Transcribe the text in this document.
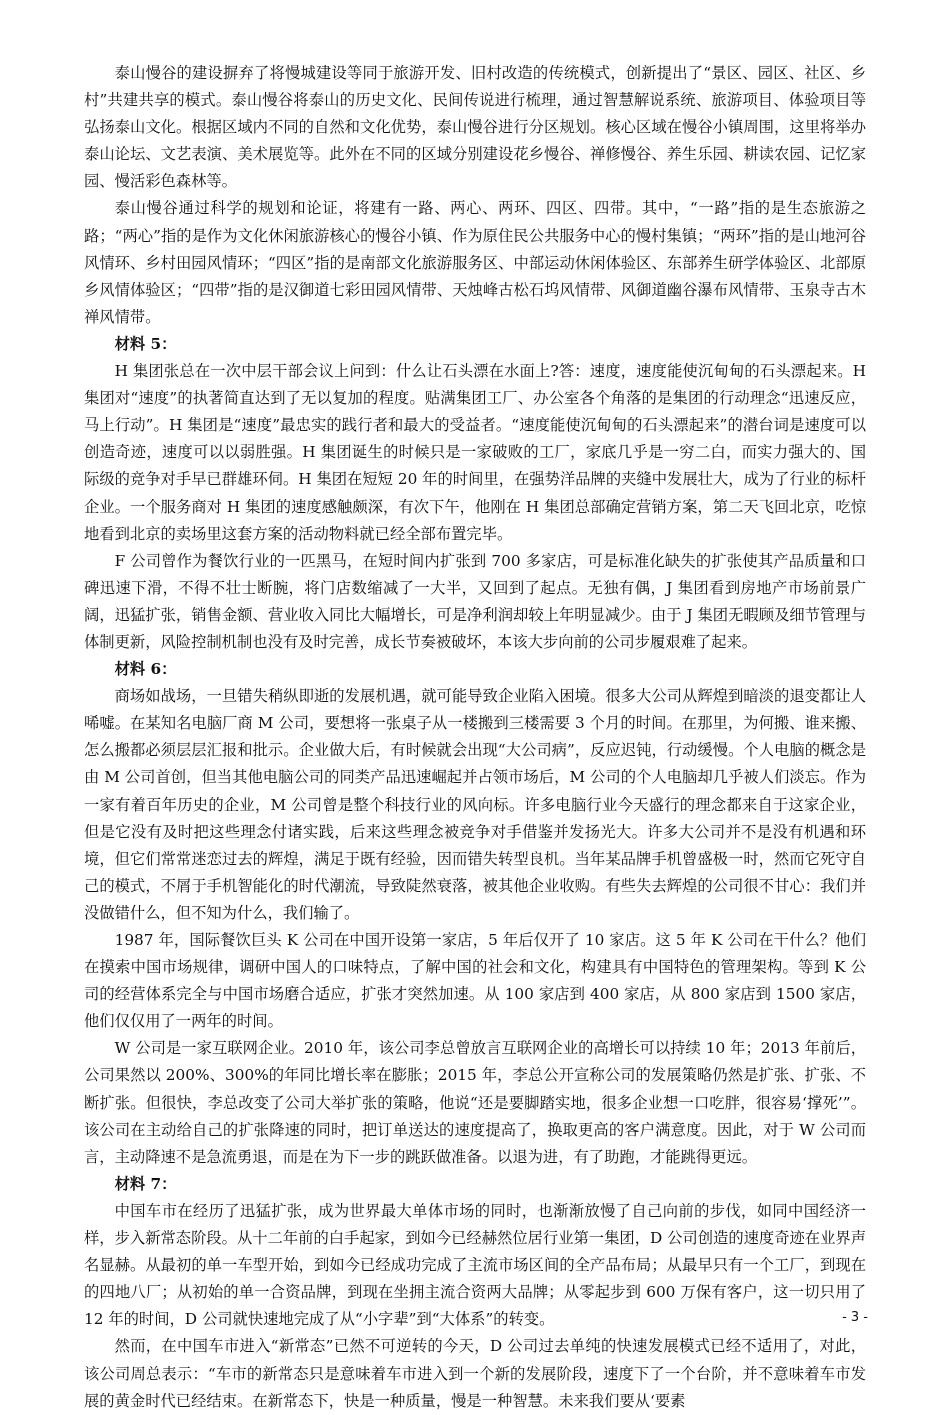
泰山慢谷的建设摒弃了将慢城建设等同于旅游开发、旧村改造的传统模式，创新提出了“景区、园区、社区、乡村”共建共享的模式。泰山慢谷将泰山的历史文化、民间传说进行梳理，通过智慧解说系统、旅游项目、体验项目等弘扬泰山文化。根据区域内不同的自然和文化优势，泰山慢谷进行分区规划。核心区域在慢谷小镇周围，这里将举办泰山论坛、文艺表演、美术展览等。此外在不同的区域分别建设花乡慢谷、禅修慢谷、养生乐园、耕读农园、记忆家园、慢活彩色森林等。

泰山慢谷通过科学的规划和论证，将建有一路、两心、两环、四区、四带。其中，“一路”指的是生态旅游之路；“两心”指的是作为文化休闲旅游核心的慢谷小镇、作为原住民公共服务中心的慢村集镇；“两环”指的是山地河谷风情环、乡村田园风情环；“四区”指的是南部文化旅游服务区、中部运动休闲体验区、东部养生研学体验区、北部原乡风情体验区；“四带”指的是汉御道七彩田园风情带、天烛峰古松石坞风情带、风御道幽谷瀑布风情带、玉泉寺古木禅风情带。

材料 5：

H 集团张总在一次中层干部会议上问到：什么让石头漂在水面上?答：速度，速度能使沉甸甸的石头漂起来。H 集团对“速度”的执著简直达到了无以复加的程度。贴满集团工厂、办公室各个角落的是集团的行动理念“迅速反应，马上行动”。H 集团是“速度”最忠实的践行者和最大的受益者。“速度能使沉甸甸的石头漂起来”的潜台词是速度可以创造奇迹，速度可以以弱胜强。H 集团诞生的时候只是一家破败的工厂，家底几乎是一穷二白，而实力强大的、国际级的竞争对手早已群雄环伺。H 集团在短短 20 年的时间里，在强势洋品牌的夹缝中发展壮大，成为了行业的标杆企业。一个服务商对 H 集团的速度感触颇深，有次下午，他刚在 H 集团总部确定营销方案，第二天飞回北京，吃惊地看到北京的卖场里这套方案的活动物料就已经全部布置完毕。

F 公司曾作为餐饮行业的一匹黑马，在短时间内扩张到 700 多家店，可是标准化缺失的扩张使其产品质量和口碑迅速下滑，不得不壮士断腕，将门店数缩减了一大半，又回到了起点。无独有偶，J 集团看到房地产市场前景广阔，迅猛扩张，销售金额、营业收入同比大幅增长，可是净利润却较上年明显减少。由于 J 集团无暇顾及细节管理与体制更新，风险控制机制也没有及时完善，成长节奏被破坏，本该大步向前的公司步履艰难了起来。

材料 6：

商场如战场，一旦错失稍纵即逝的发展机遇，就可能导致企业陷入困境。很多大公司从辉煌到暗淡的退变都让人唏嘘。在某知名电脑厂商 M 公司，要想将一张桌子从一楼搬到三楼需要 3 个月的时间。在那里，为何搬、谁来搬、怎么搬都必须层层汇报和批示。企业做大后，有时候就会出现“大公司病”，反应迟钝，行动缓慢。个人电脑的概念是由 M 公司首创，但当其他电脑公司的同类产品迅速崛起并占领市场后，M 公司的个人电脑却几乎被人们淡忘。作为一家有着百年历史的企业，M 公司曾是整个科技行业的风向标。许多电脑行业今天盛行的理念都来自于这家企业，但是它没有及时把这些理念付诸实践，后来这些理念被竞争对手借鉴并发扬光大。许多大公司并不是没有机遇和环境，但它们常常迷恋过去的辉煌，满足于既有经验，因而错失转型良机。当年某品牌手机曾盛极一时，然而它死守自己的模式，不屑于手机智能化的时代潮流，导致陡然衰落，被其他企业收购。有些失去辉煌的公司很不甘心：我们并没做错什么，但不知为什么，我们输了。

1987 年，国际餐饮巨头 K 公司在中国开设第一家店，5 年后仅开了 10 家店。这 5 年 K 公司在干什么？他们在摸索中国市场规律，调研中国人的口味特点，了解中国的社会和文化，构建具有中国特色的管理架构。等到 K 公司的经营体系完全与中国市场磨合适应，扩张才突然加速。从 100 家店到 400 家店，从 800 家店到 1500 家店，他们仅仅用了一两年的时间。

W 公司是一家互联网企业。2010 年，该公司李总曾放言互联网企业的高增长可以持续 10 年；2013 年前后，公司果然以 200%、300%的年同比增长率在膨胀；2015 年，李总公开宣称公司的发展策略仍然是扩张、扩张、不断扩张。但很快，李总改变了公司大举扩张的策略，他说“还是要脚踏实地，很多企业想一口吃胖，很容易‘撑死’”。该公司在主动给自己的扩张降速的同时，把订单送达的速度提高了，换取更高的客户满意度。因此，对于 W 公司而言，主动降速不是急流勇退，而是在为下一步的跳跃做准备。以退为进，有了助跑，才能跳得更远。

材料 7：

中国车市在经历了迅猛扩张，成为世界最大单体市场的同时，也渐渐放慢了自己向前的步伐，如同中国经济一样，步入新常态阶段。从十二年前的白手起家，到如今已经赫然位居行业第一集团，D 公司创造的速度奇迹在业界声名显赫。从最初的单一车型开始，到如今已经成功完成了主流市场区间的全产品布局；从最早只有一个工厂，到现在的四地八厂；从初始的单一合资品牌，到现在坐拥主流合资两大品牌；从零起步到 600 万保有客户，这一切只用了 12 年的时间，D 公司就快速地完成了从“小字辈”到“大体系”的转变。

然而，在中国车市进入“新常态”已然不可逆转的今天，D 公司过去单纯的快速发展模式已经不适用了，对此，该公司周总表示：“车市的新常态只是意味着车市进入到一个新的发展阶段，速度下了一个台阶，并不意味着车市发展的黄金时代已经结束。在新常态下，快是一种质量，慢是一种智慧。未来我们要从‘要素

- 3 -
